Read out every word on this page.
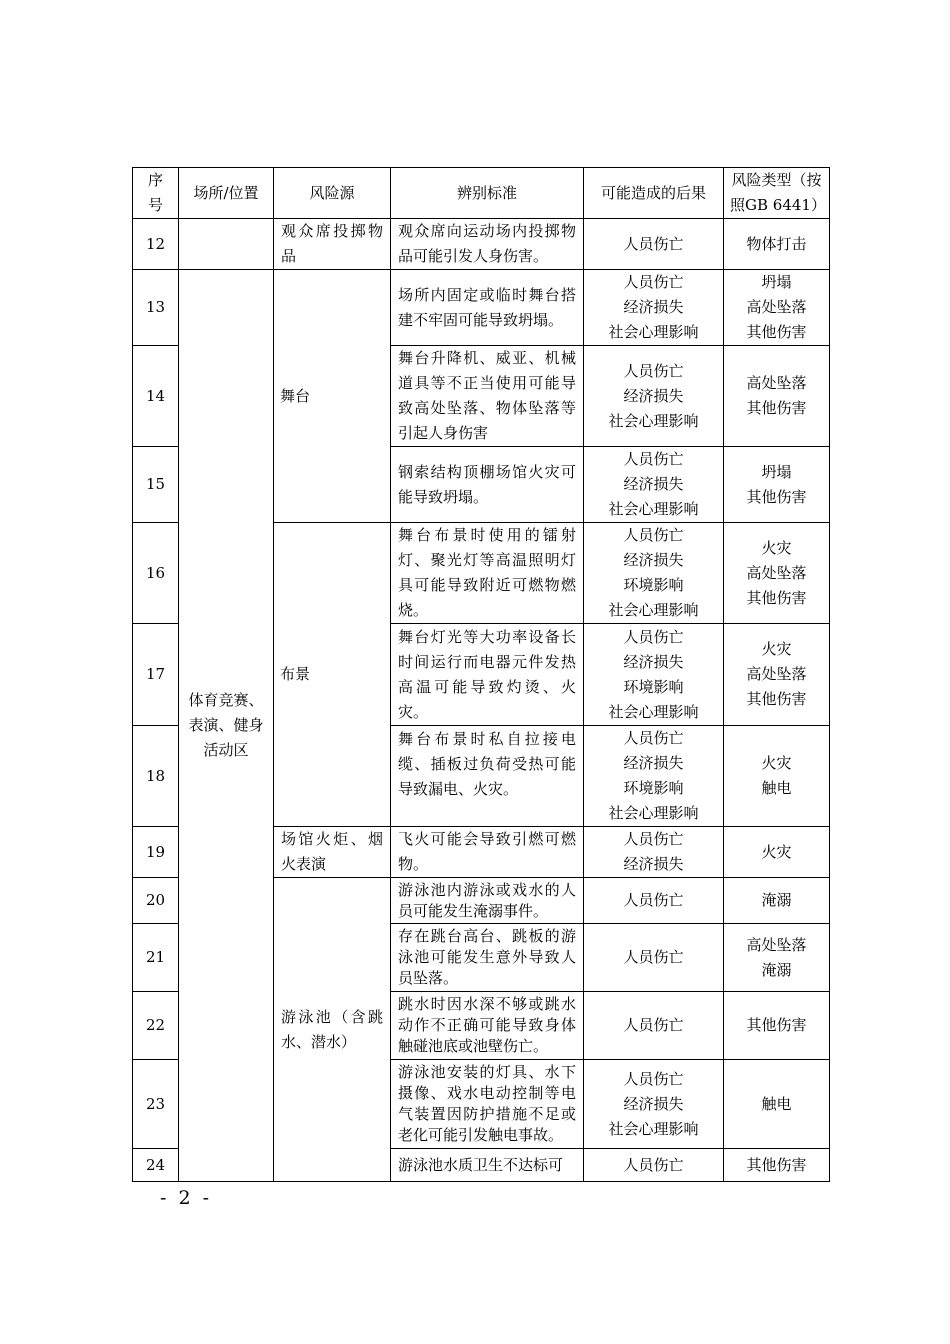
序
号	场所/位置	风险源	辨别标准	可能造成的后果	风险类型（按
照GB 6441）
12		观众席投掷物品	观众席向运动场内投掷物品可能引发人身伤害。	人员伤亡	物体打击
13	体育竞赛、表演、健身活动区	舞台	场所内固定或临时舞台搭建不牢固可能导致坍塌。	人员伤亡
经济损失
社会心理影响	坍塌
高处坠落
其他伤害
14			舞台升降机、威亚、机械道具等不正当使用可能导致高处坠落、物体坠落等引起人身伤害	人员伤亡
经济损失
社会心理影响	高处坠落
其他伤害
15			钢索结构顶棚场馆火灾可能导致坍塌。	人员伤亡
经济损失
社会心理影响	坍塌
其他伤害
16		布景	舞台布景时使用的镭射灯、聚光灯等高温照明灯具可能导致附近可燃物燃烧。	人员伤亡
经济损失
环境影响
社会心理影响	火灾
高处坠落
其他伤害
17			舞台灯光等大功率设备长时间运行而电器元件发热高温可能导致灼烫、火灾。	人员伤亡
经济损失
环境影响
社会心理影响	火灾
高处坠落
其他伤害
18			舞台布景时私自拉接电缆、插板过负荷受热可能导致漏电、火灾。	人员伤亡
经济损失
环境影响
社会心理影响	火灾
触电
19		场馆火炬、烟火表演	飞火可能会导致引燃可燃物。	人员伤亡
经济损失	火灾
20		游泳池（含跳水、潜水）	游泳池内游泳或戏水的人员可能发生淹溺事件。	人员伤亡	淹溺
21			存在跳台高台、跳板的游泳池可能发生意外导致人员坠落。	人员伤亡	高处坠落
淹溺
22			跳水时因水深不够或跳水动作不正确可能导致身体触碰池底或池壁伤亡。	人员伤亡	其他伤害
23			游泳池安装的灯具、水下摄像、戏水电动控制等电气装置因防护措施不足或老化可能引发触电事故。	人员伤亡
经济损失
社会心理影响	触电
24			游泳池水质卫生不达标可	人员伤亡	其他伤害
- 2 -
